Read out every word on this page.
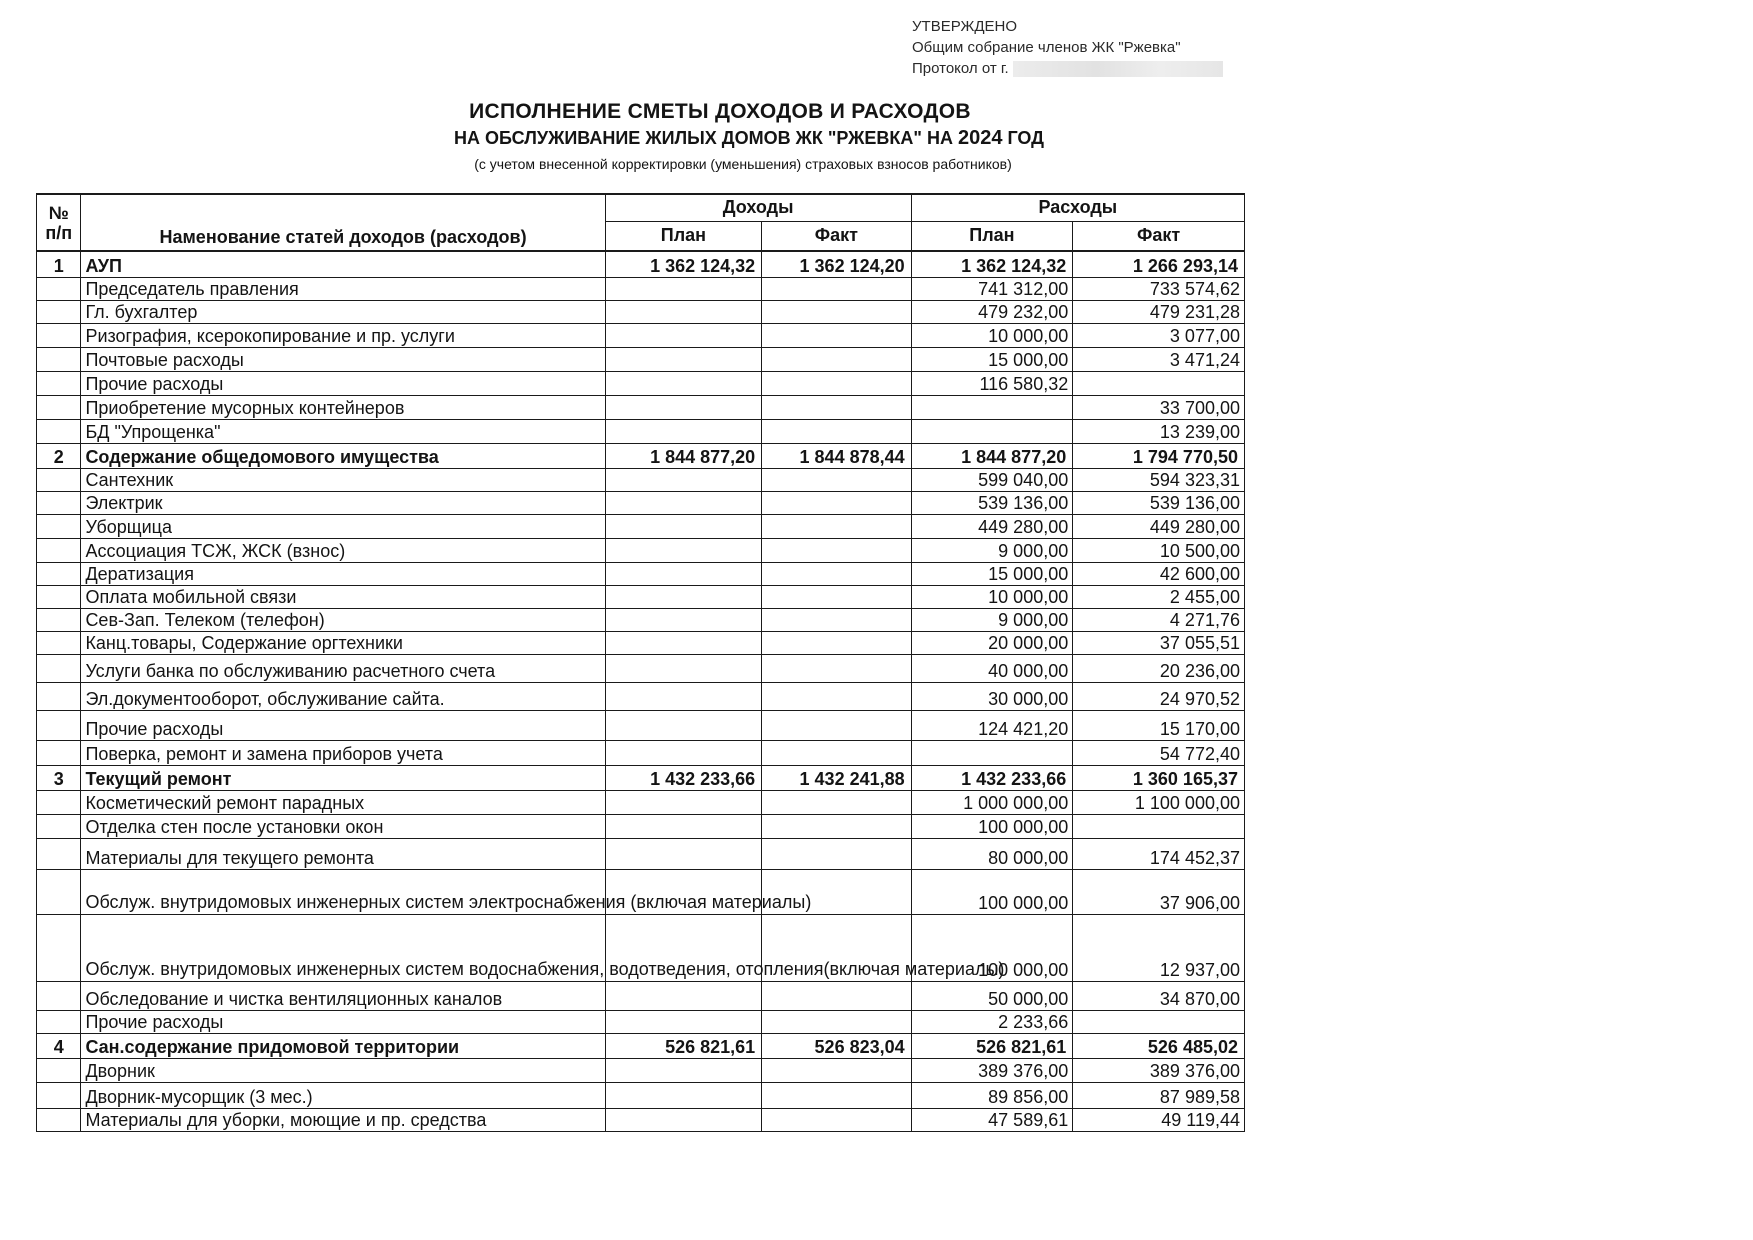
УТВЕРЖДЕНО
Общим собрание членов ЖК "Ржевка"
Протокол от г.
ИСПОЛНЕНИЕ СМЕТЫ ДОХОДОВ И РАСХОДОВ
НА ОБСЛУЖИВАНИЕ ЖИЛЫХ ДОМОВ ЖК "РЖЕВКА" НА 2024 ГОД
(с учетом внесенной корректировки (уменьшения) страховых взносов работников)
№ п/п	Наменование статей доходов (расходов)	Доходы		Расходы	
		План	Факт	План	Факт
1	АУП	1 362 124,32	1 362 124,20	1 362 124,32	1 266 293,14
	Председатель правления			741 312,00	733 574,62
	Гл. бухгалтер			479 232,00	479 231,28
	Ризография, ксерокопирование и пр. услуги			10 000,00	3 077,00
	Почтовые расходы			15 000,00	3 471,24
	Прочие расходы			116 580,32	
	Приобретение мусорных контейнеров				33 700,00
	БД "Упрощенка"				13 239,00
2	Содержание общедомового имущества	1 844 877,20	1 844 878,44	1 844 877,20	1 794 770,50
	Сантехник			599 040,00	594 323,31
	Электрик			539 136,00	539 136,00
	Уборщица			449 280,00	449 280,00
	Ассоциация ТСЖ, ЖСК (взнос)			9 000,00	10 500,00
	Дератизация			15 000,00	42 600,00
	Оплата мобильной связи			10 000,00	2 455,00
	Сев-Зап. Телеком (телефон)			9 000,00	4 271,76
	Канц.товары, Содержание оргтехники			20 000,00	37 055,51
	Услуги банка по обслуживанию расчетного счета			40 000,00	20 236,00
	Эл.документооборот, обслуживание сайта.			30 000,00	24 970,52
	Прочие расходы			124 421,20	15 170,00
	Поверка, ремонт и замена приборов учета				54 772,40
3	Текущий ремонт	1 432 233,66	1 432 241,88	1 432 233,66	1 360 165,37
	Косметический ремонт парадных			1 000 000,00	1 100 000,00
	Отделка стен после установки окон			100 000,00	
	Материалы для текущего ремонта			80 000,00	174 452,37
	Обслуж. внутридомовых инженерных систем электроснабжения (включая материалы)			100 000,00	37 906,00
	Обслуж. внутридомовых инженерных систем водоснабжения, водотведения, отопления(включая материалы)			100 000,00	12 937,00
	Обследование и чистка вентиляционных каналов			50 000,00	34 870,00
	Прочие расходы			2 233,66	
4	Сан.содержание придомовой территории	526 821,61	526 823,04	526 821,61	526 485,02
	Дворник			389 376,00	389 376,00
	Дворник-мусорщик (3 мес.)			89 856,00	87 989,58
	Материалы для уборки, моющие и пр. средства			47 589,61	49 119,44
